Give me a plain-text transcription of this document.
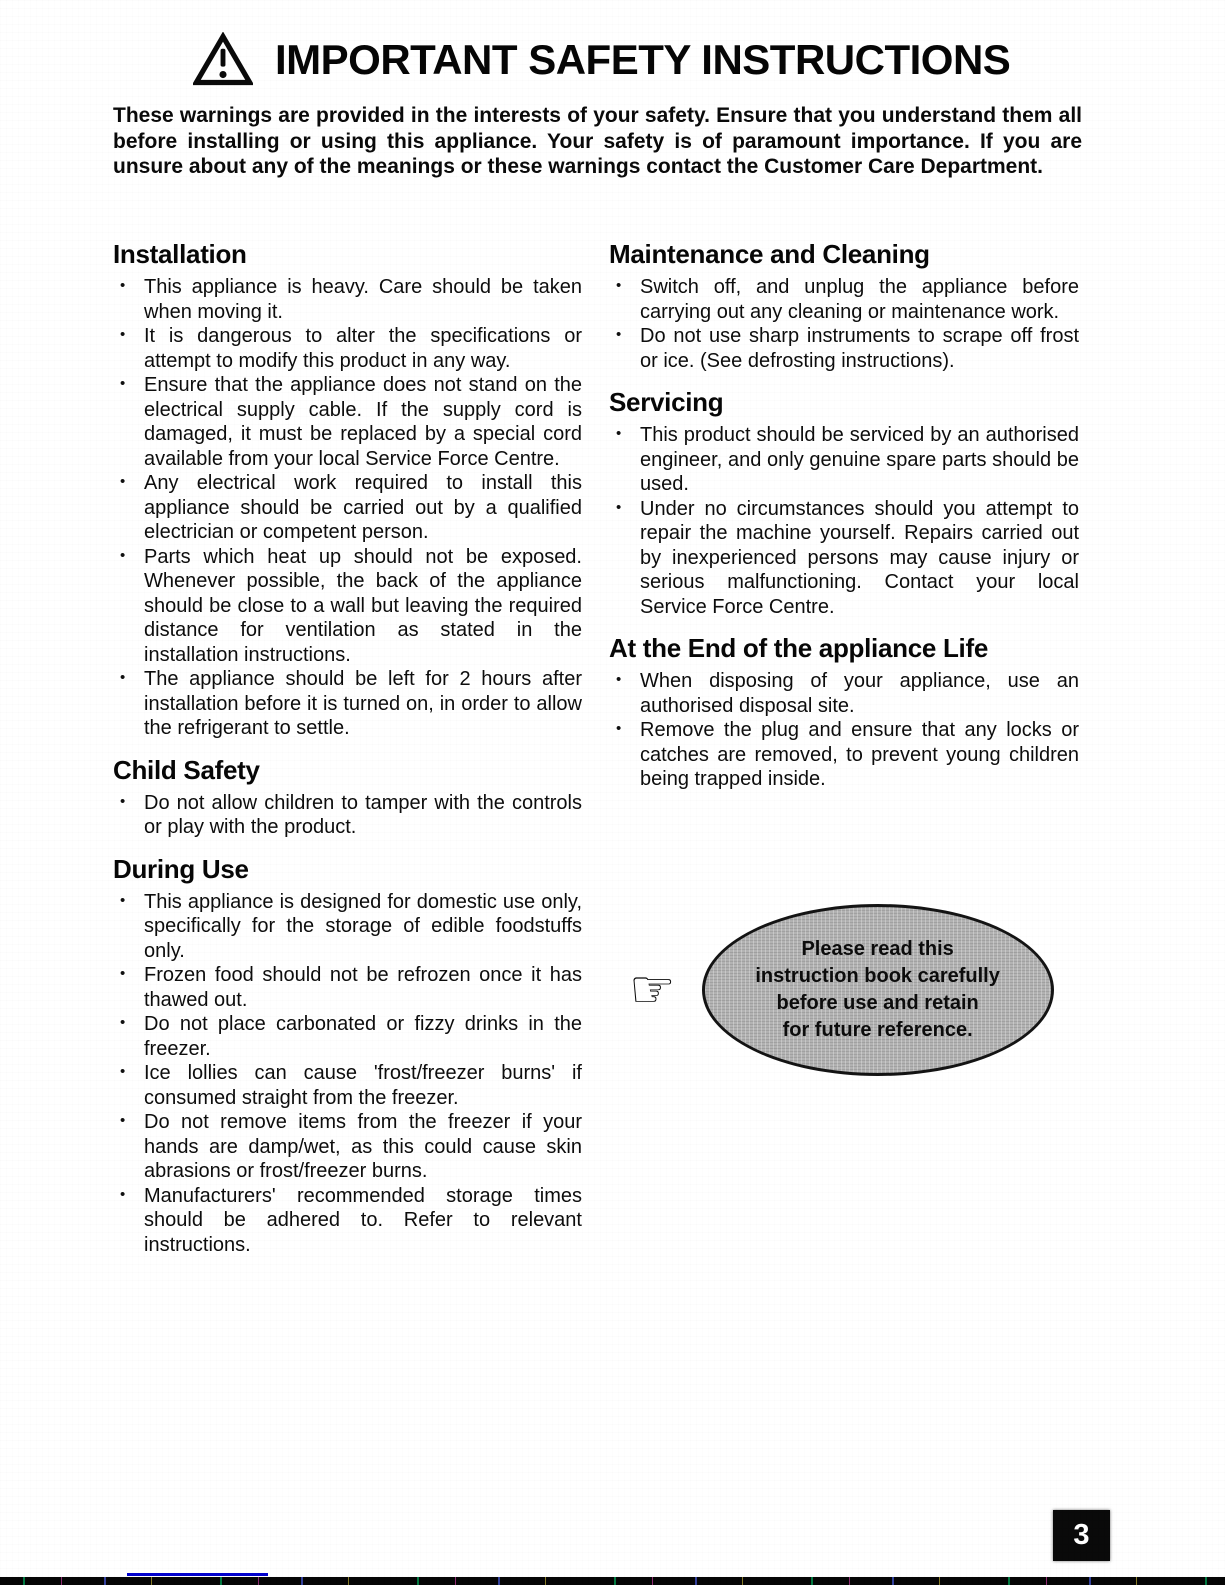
IMPORTANT SAFETY INSTRUCTIONS

These warnings are provided in the interests of your safety. Ensure that you understand them all before installing or using this appliance. Your safety is of paramount importance. If you are unsure about any of the meanings or these warnings contact the Customer Care Department.

Installation
• This appliance is heavy. Care should be taken when moving it.
• It is dangerous to alter the specifications or attempt to modify this product in any way.
• Ensure that the appliance does not stand on the electrical supply cable. If the supply cord is damaged, it must be replaced by a special cord available from your local Service Force Centre.
• Any electrical work required to install this appliance should be carried out by a qualified electrician or competent person.
• Parts which heat up should not be exposed. Whenever possible, the back of the appliance should be close to a wall but leaving the required distance for ventilation as stated in the installation instructions.
• The appliance should be left for 2 hours after installation before it is turned on, in order to allow the refrigerant to settle.
Child Safety
• Do not allow children to tamper with the controls or play with the product.
During Use
• This appliance is designed for domestic use only, specifically for the storage of edible foodstuffs only.
• Frozen food should not be refrozen once it has thawed out.
• Do not place carbonated or fizzy drinks in the freezer.
• Ice lollies can cause 'frost/freezer burns' if consumed straight from the freezer.
• Do not remove items from the freezer if your hands are damp/wet, as this could cause skin abrasions or frost/freezer burns.
• Manufacturers' recommended storage times should be adhered to. Refer to relevant instructions.
Maintenance and Cleaning
• Switch off, and unplug the appliance before carrying out any cleaning or maintenance work.
• Do not use sharp instruments to scrape off frost or ice. (See defrosting instructions).
Servicing
• This product should be serviced by an authorised engineer, and only genuine spare parts should be used.
• Under no circumstances should you attempt to repair the machine yourself. Repairs carried out by inexperienced persons may cause injury or serious malfunctioning. Contact your local Service Force Centre.
At the End of the appliance Life
• When disposing of your appliance, use an authorised disposal site.
• Remove the plug and ensure that any locks or catches are removed, to prevent young children being trapped inside.
☞
Please read this
instruction book carefully
before use and retain
for future reference.
3
